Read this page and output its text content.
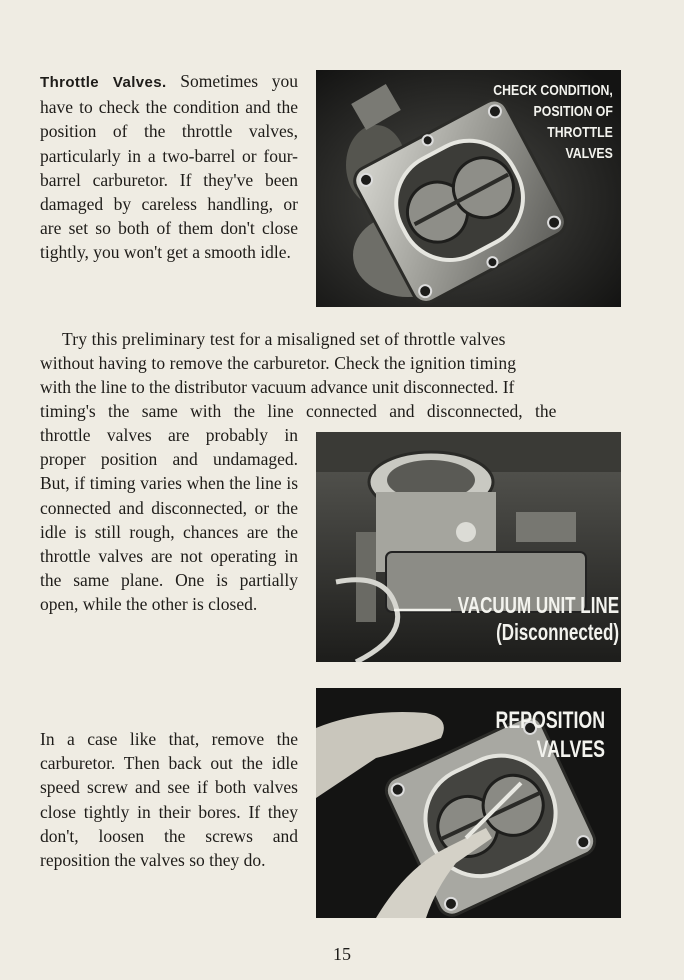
Throttle Valves. Sometimes you have to check the condition and the position of the throttle valves, particularly in a two-barrel or four-barrel carburetor. If they've been damaged by careless handling, or are set so both of them don't close tightly, you won't get a smooth idle.

CHECK CONDITION,
POSITION OF
THROTTLE
VALVES
Try this preliminary test for a misaligned set of throttle valves
without having to remove the carburetor. Check the ignition timing
with the line to the distributor vacuum advance unit disconnected. If
timing's the same with the line connected and disconnected, the

throttle valves are probably in proper position and undamaged. But, if timing varies when the line is connected and disconnected, or the idle is still rough, chances are the throttle valves are not operating in the same plane. One is partially open, while the other is closed.	VACUUM UNIT LINE
(Disconnected)

In a case like that, remove the carburetor. Then back out the idle speed screw and see if both valves close tightly in their bores. If they don't, loosen the screws and reposition the valves so they do.

REPOSITION
VALVES
15
